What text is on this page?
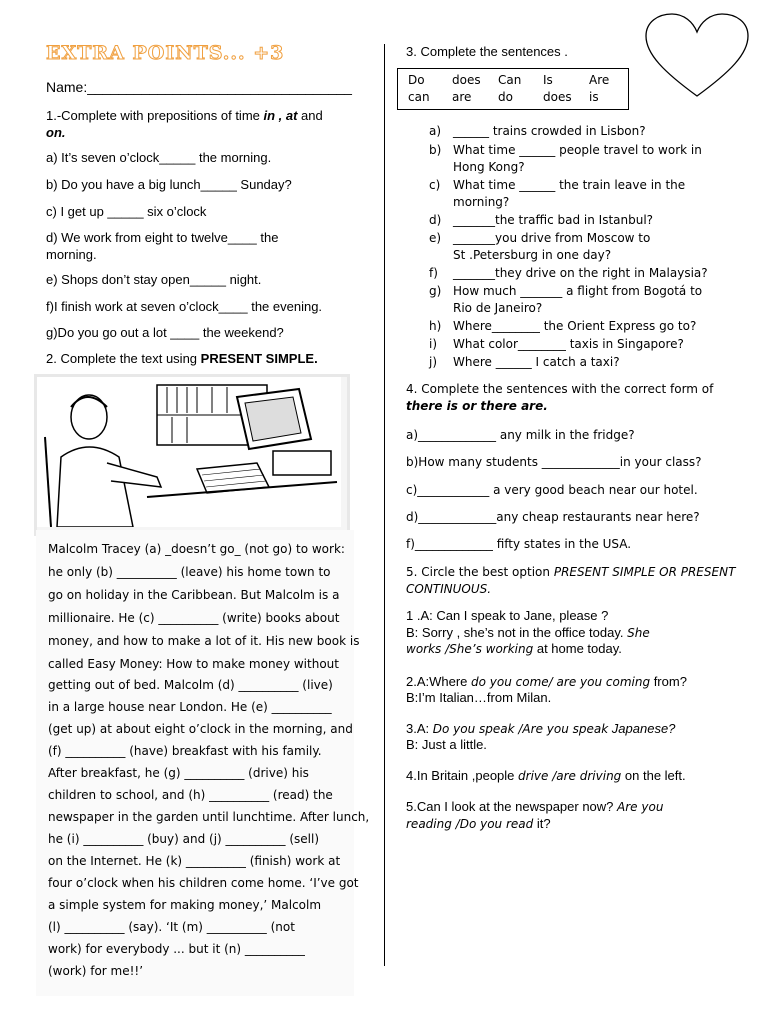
EXTRA POINTS... +3
Name:__________________________________
1.-Complete with prepositions of time in , at and
on.
a) It’s seven o’clock_____ the morning.
b) Do you have a big lunch_____ Sunday?
c) I get up _____ six o’clock
d) We work from eight to twelve____ the
morning.
e) Shops don’t stay open_____ night.
f)I finish work at seven o’clock____ the evening.
g)Do you go out a lot ____ the weekend?
2. Complete the text using PRESENT SIMPLE.
Malcolm Tracey (a) _doesn’t go_ (not go) to work:
he only (b) __________ (leave) his home town to
go on holiday in the Caribbean. But Malcolm is a
millionaire. He (c) __________ (write) books about
money, and how to make a lot of it. His new book is
called Easy Money: How to make money without
getting out of bed. Malcolm (d) __________ (live)
in a large house near London. He (e) __________
(get up) at about eight o’clock in the morning, and
(f) __________ (have) breakfast with his family.
After breakfast, he (g) __________ (drive) his
children to school, and (h) __________ (read) the
newspaper in the garden until lunchtime. After lunch,
he (i) __________ (buy) and (j) __________ (sell)
on the Internet. He (k) __________ (finish) work at
four o’clock when his children come home. ‘I’ve got
a simple system for making money,’ Malcolm
(l) __________ (say). ‘It (m) __________ (not
work) for everybody ... but it (n) __________
(work) for me!!’
3. Complete the sentences .
Do does Can Is	Are
can are do	does is
a) ______ trains crowded in Lisbon?
b) What time ______ people travel to work in
Hong Kong?
c) What time ______ the train leave in the
morning?
d) _______the traffic bad in Istanbul?
e) _______you drive from Moscow to
St .Petersburg in one day?
f) _______they drive on the right in Malaysia?
g) How much _______ a flight from Bogotá to
Rio de Janeiro?
h) Where________ the Orient Express go to?
i) What color________ taxis in Singapore?
j) Where ______ I catch a taxi?
4. Complete the sentences with the correct form of
there is or there are.
a)_____________ any milk in the fridge?
b)How many students _____________in your class?
c)____________ a very good beach near our hotel.
d)_____________any cheap restaurants near here?
f)_____________ fifty states in the USA.
5. Circle the best option PRESENT SIMPLE OR PRESENT
CONTINUOUS.
1 .A: Can I speak to Jane, please ?
B: Sorry , she’s not in the office today. She
works /She’s working at home today.
2.A:Where do you come/ are you coming from?
B:I’m Italian…from Milan.
3.A: Do you speak /Are you speak Japanese?
B: Just a little.
4.In Britain ,people drive /are driving on the left.
5.Can I look at the newspaper now? Are you
reading /Do you read it?
